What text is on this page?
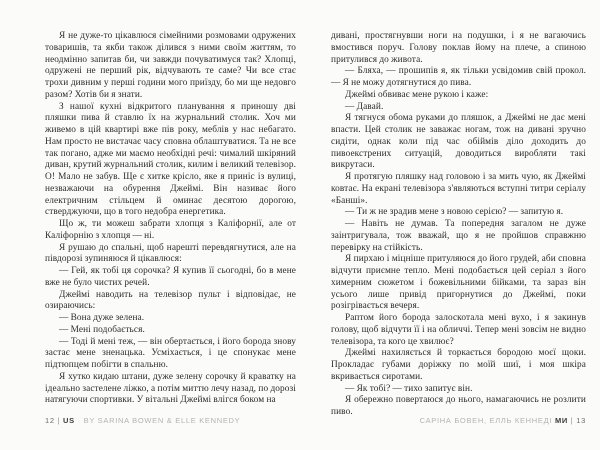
Я не дуже-то цікавлюся сімейними розмовами одружених товаришів, та якби також ділився з ними своїм життям, то неодмінно запитав би, чи завжди почуватимуся так? Хлопці, одружені не перший рік, відчувають те саме? Чи все стає трохи дивним у перші години мого приїзду, бо ми ще недовго разом? Хотів би я знати.

З нашої кухні відкритого планування я приношу дві пляшки пива й ставлю їх на журнальний столик. Хоч ми живемо в цій квартирі вже пів року, меблів у нас небагато. Нам просто не вистачає часу сповна облаштуватися. Та не все так погано, адже ми маємо необхідні речі: чималий шкіряний диван, крутий журнальний столик, килим і великий телевізор. О! Мало не забув. Ще є хитке крісло, яке я приніс із вулиці, незважаючи на обурення Джеймі. Він називає його електричним стільцем й оминає десятою дорогою, стверджуючи, що в того недобра енергетика.

Що ж, ти можеш забрати хлопця з Каліфорнії, але от Каліфорнію з хлопця — ні.

Я рушаю до спальні, щоб нарешті перевдягнутися, але на півдорозі зупиняюся й цікавлюся:

— Гей, як тобі ця сорочка? Я купив її сьогодні, бо в мене вже не було чистих речей.

Джеймі наводить на телевізор пульт і відповідає, не озираючись:

— Вона дуже зелена.

— Мені подобається.

— Тоді й мені теж, — він обертається, і його борода знову застає мене зненацька. Усміхається, і це спонукає мене підтюпцем побігти в спальню.

Я хутко кидаю штани, дуже зелену сорочку й краватку на ідеально застелене ліжко, а потім миттю лечу назад, по дорозі натягуючи спортивки. У вітальні Джеймі влігся боком на

12 | US · BY SARINA BOWEN & ELLE KENNEDY

дивані, простягнувши ноги на подушки, і я не вагаючись вмостився поруч. Голову поклав йому на плече, а спиною притулився до живота.

— Бляха, — прошипів я, як тільки усвідомив свій прокол. — Я не можу дотягнутися до пива.

Джеймі обвиває мене рукою і каже:

— Давай.

Я тягнуся обома руками до пляшок, а Джеймі не дає мені впасти. Цей столик не заважає ногам, тож на дивані зручно сидіти, однак коли під час обіймів діло доходить до пивоекстрених ситуацій, доводиться виробляти такі викрутаси.

Я протягую пляшку над головою і за мить чую, як Джеймі ковтає. На екрані телевізора з'являються вступні титри серіалу «Банші».

— Ти ж не зрадив мене з новою серією? — запитую я.

— Навіть не думав. Та попередня загалом не дуже заінтригувала, тож вважай, що я не пройшов справжню перевірку на стійкість.

Я пирхаю і міцніше притуляюся до його грудей, аби сповна відчути приємне тепло. Мені подобається цей серіал з його химерним сюжетом і божевільними бійками, та зараз він усього лише привід пригорнутися до Джеймі, поки розігрівається вечеря.

Раптом його борода залоскотала мені вухо, і я закинув голову, щоб відчути її і на обличчі. Тепер мені зовсім не видно телевізора, та кого це хвилює?

Джеймі нахиляється й торкається бородою моєї щоки. Прокладає губами доріжку по моїй шиї, і моя шкіра вкривається сиротами.

— Як тобі? — тихо запитує він.

Я обережно повертаюся до нього, намагаючись не розлити пиво.

САРІНА БОВЕН, ЕЛЛЬ КЕННЕДІ МИ | 13
